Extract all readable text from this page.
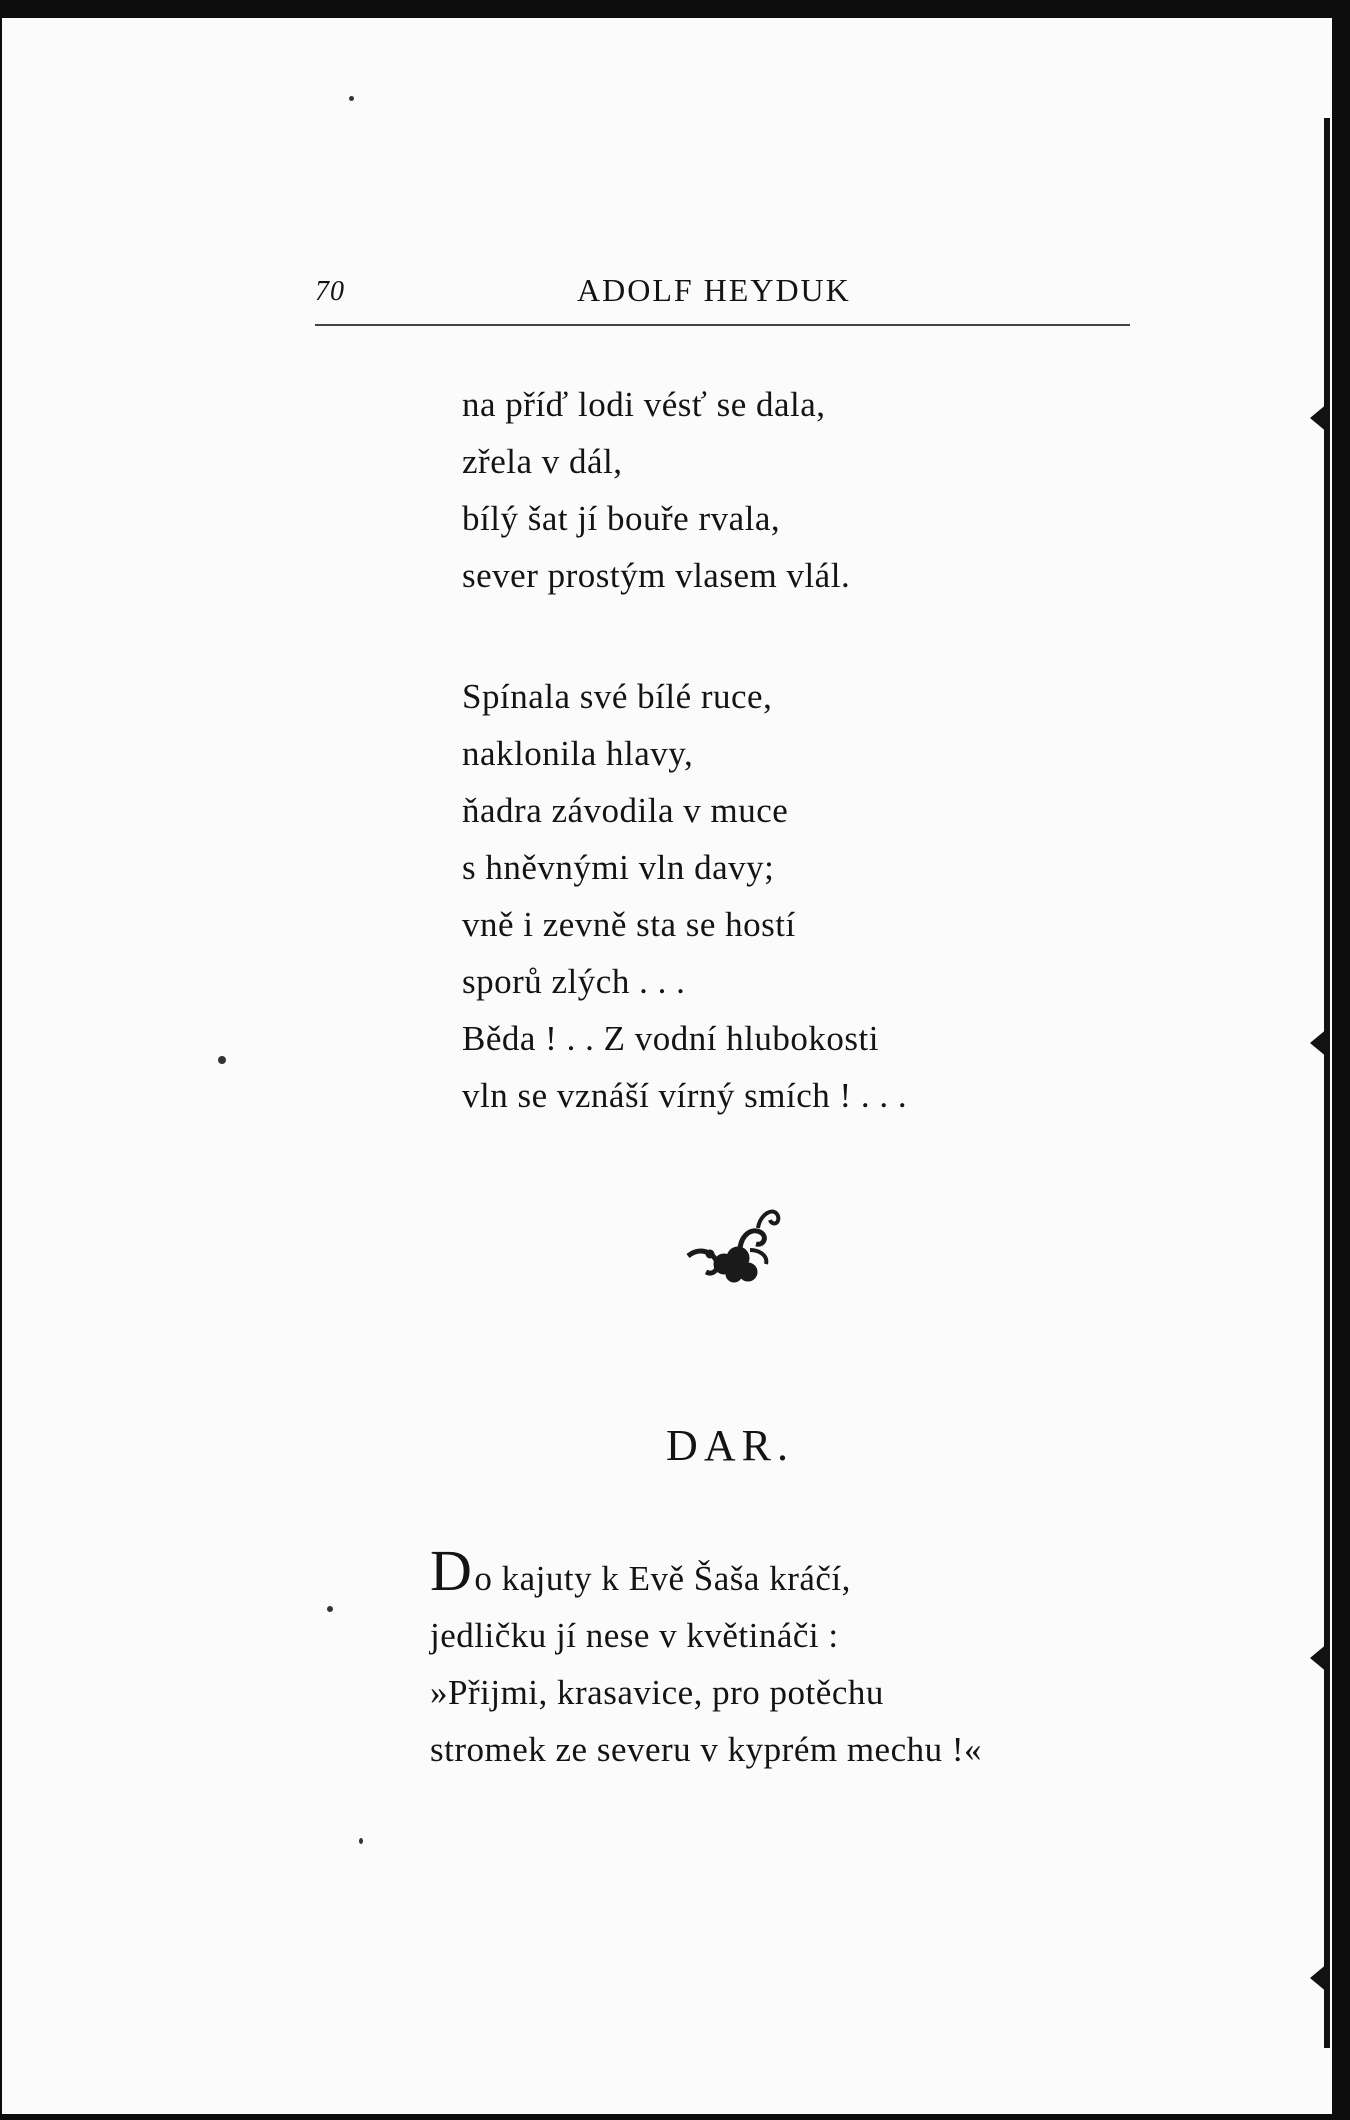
70	ADOLF HEYDUK
na příď lodi vésť se dala,
zřela v dál,
bílý šat jí bouře rvala,
sever prostým vlasem vlál.
Spínala své bílé ruce,
naklonila hlavy,
ňadra závodila v muce
s hněvnými vln davy;
vně i zevně sta se hostí
sporů zlých . . .
Běda ! . . Z vodní hlubokosti
vln se vznáší vírný smích ! . . .
DAR.
Do kajuty k Evě Šaša kráčí,
jedličku jí nese v květináči :
»Přijmi, krasavice, pro potěchu
stromek ze severu v kyprém mechu !«
